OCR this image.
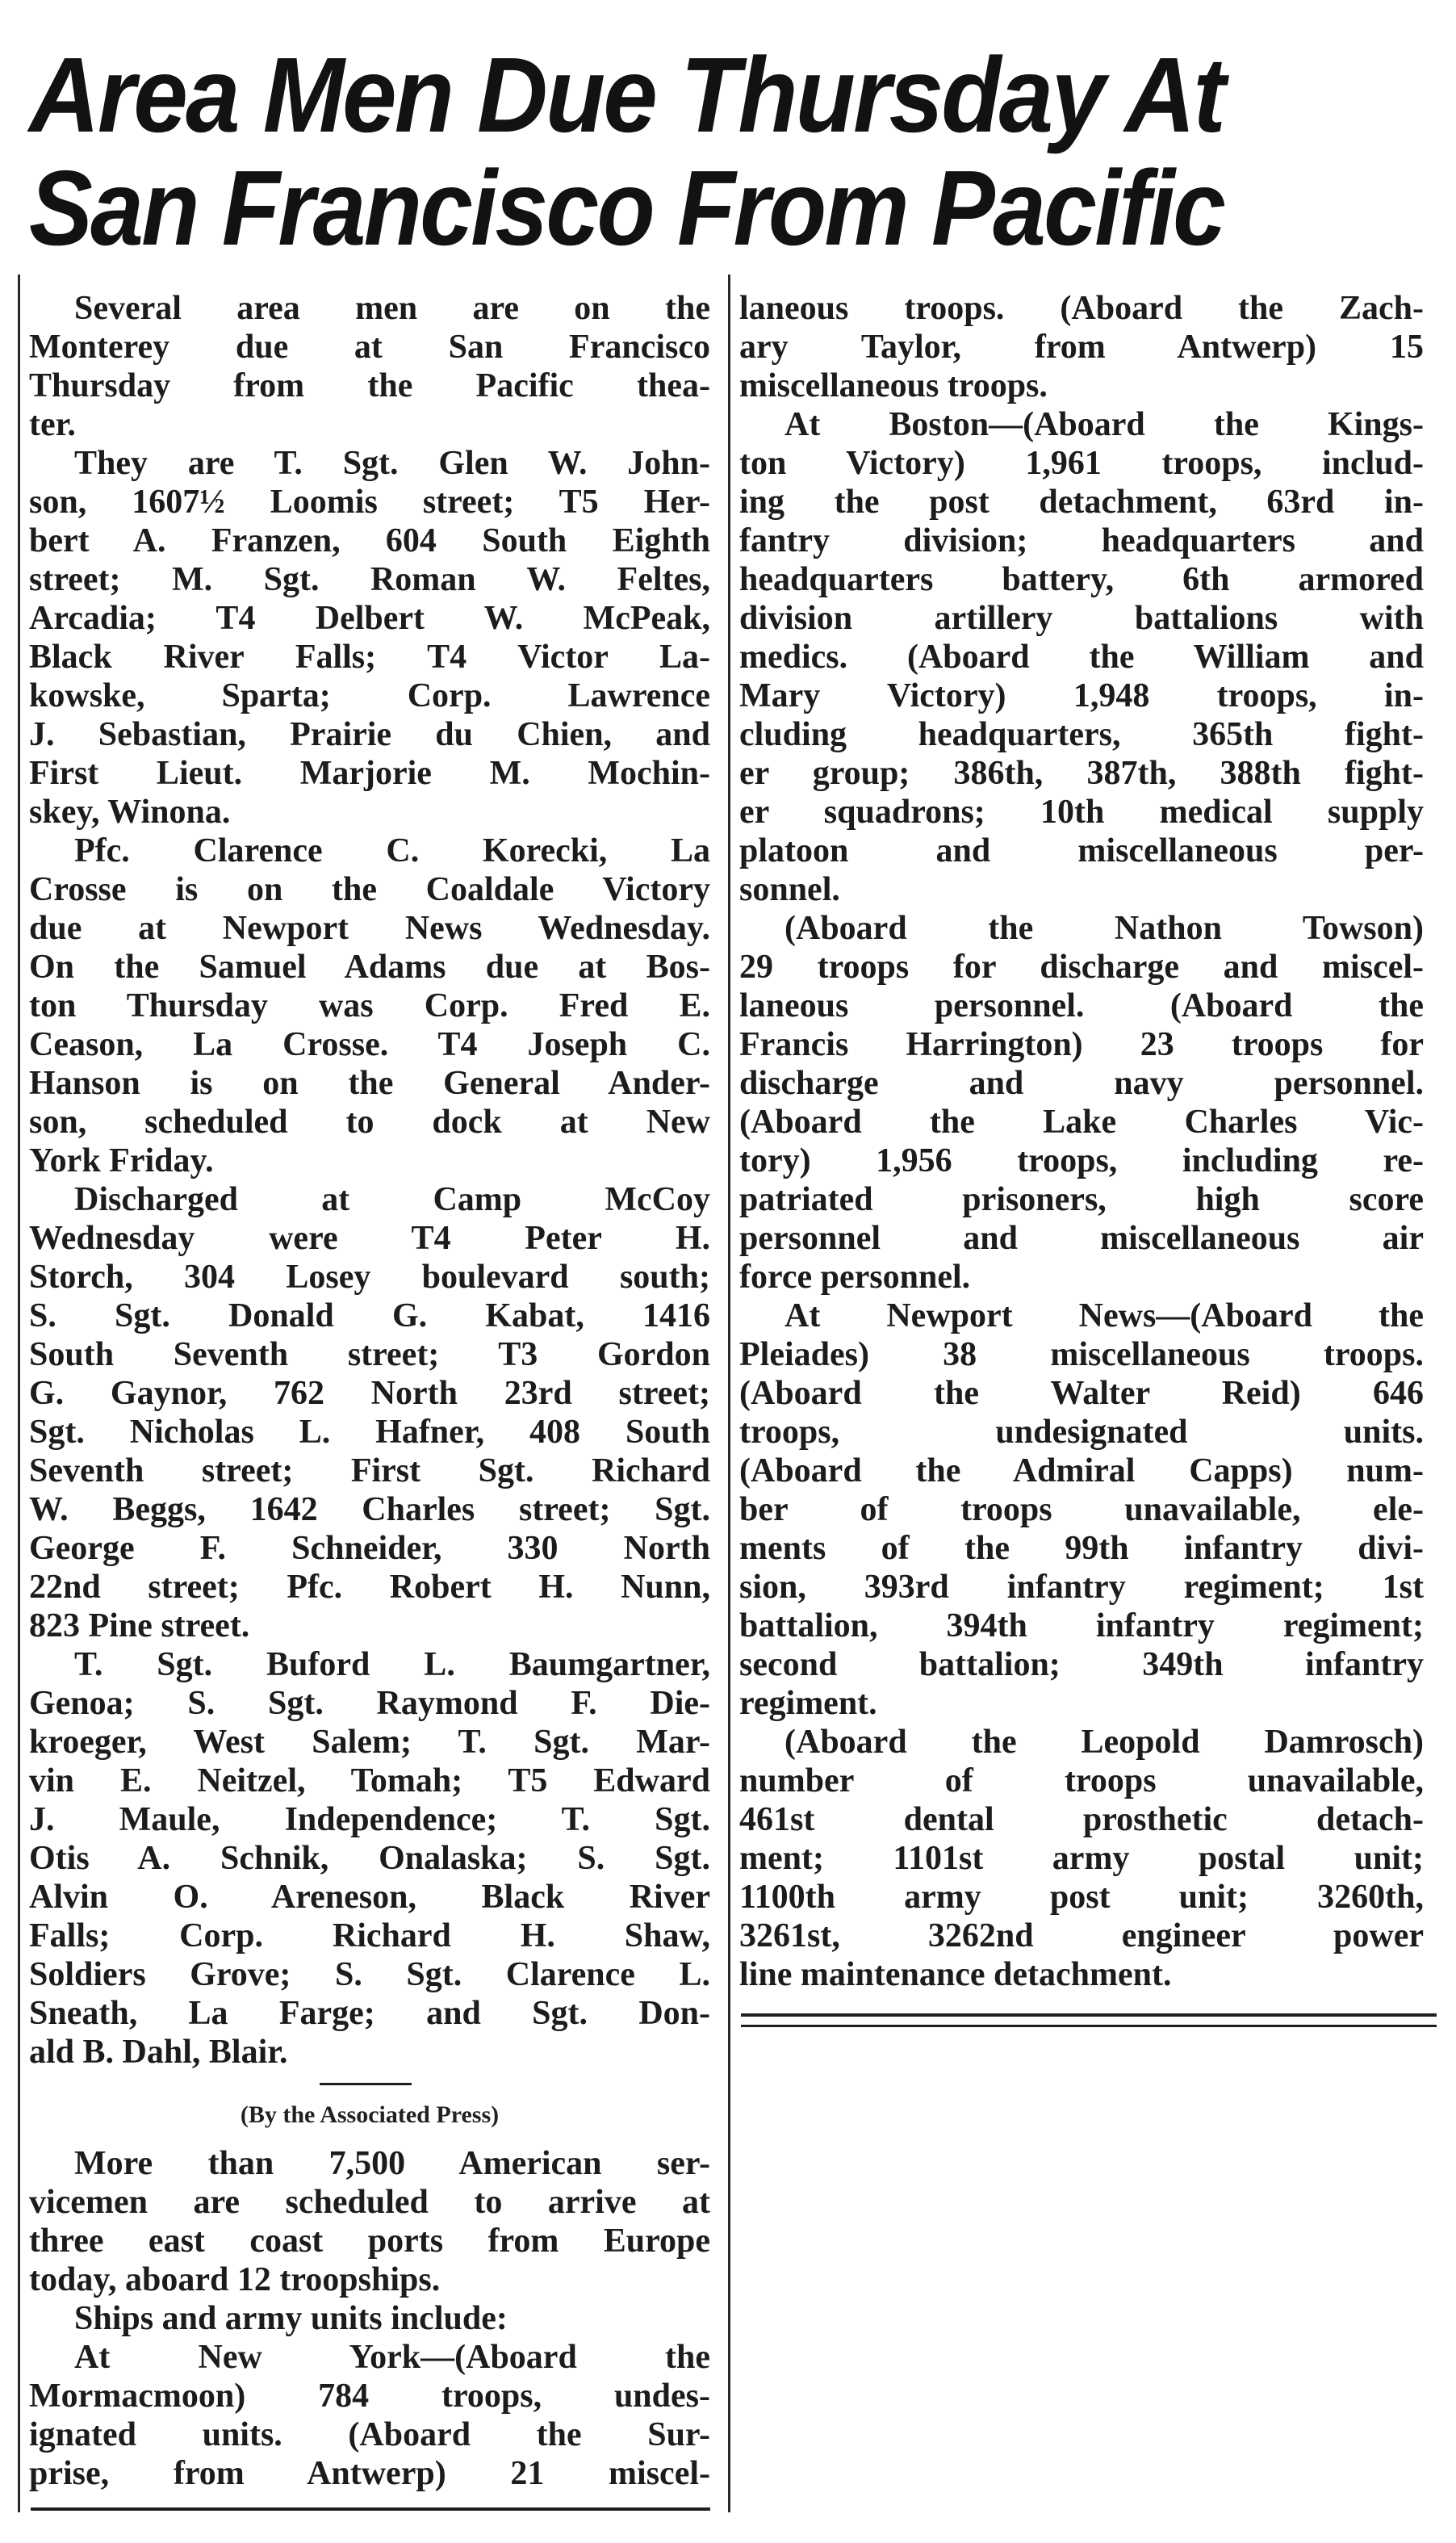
Area Men Due Thursday At
San Francisco From Pacific
Several area men are on the
Monterey due at San Francisco
Thursday from the Pacific thea-
ter.
They are T. Sgt. Glen W. John-
son, 1607½ Loomis street; T5 Her-
bert A. Franzen, 604 South Eighth
street; M. Sgt. Roman W. Feltes,
Arcadia; T4 Delbert W. McPeak,
Black River Falls; T4 Victor La-
kowske, Sparta; Corp. Lawrence
J. Sebastian, Prairie du Chien, and
First Lieut. Marjorie M. Mochin-
skey, Winona.
Pfc. Clarence C. Korecki, La
Crosse is on the Coaldale Victory
due at Newport News Wednesday.
On the Samuel Adams due at Bos-
ton Thursday was Corp. Fred E.
Ceason, La Crosse. T4 Joseph C.
Hanson is on the General Ander-
son, scheduled to dock at New
York Friday.
Discharged at Camp McCoy
Wednesday were T4 Peter H.
Storch, 304 Losey boulevard south;
S. Sgt. Donald G. Kabat, 1416
South Seventh street; T3 Gordon
G. Gaynor, 762 North 23rd street;
Sgt. Nicholas L. Hafner, 408 South
Seventh street; First Sgt. Richard
W. Beggs, 1642 Charles street; Sgt.
George F. Schneider, 330 North
22nd street; Pfc. Robert H. Nunn,
823 Pine street.
T. Sgt. Buford L. Baumgartner,
Genoa; S. Sgt. Raymond F. Die-
kroeger, West Salem; T. Sgt. Mar-
vin E. Neitzel, Tomah; T5 Edward
J. Maule, Independence; T. Sgt.
Otis A. Schnik, Onalaska; S. Sgt.
Alvin O. Areneson, Black River
Falls; Corp. Richard H. Shaw,
Soldiers Grove; S. Sgt. Clarence L.
Sneath, La Farge; and Sgt. Don-
ald B. Dahl, Blair.
(By the Associated Press)
More than 7,500 American ser-
vicemen are scheduled to arrive at
three east coast ports from Europe
today, aboard 12 troopships.
Ships and army units include:
At New York—(Aboard the
Mormacmoon) 784 troops, undes-
ignated units. (Aboard the Sur-
prise, from Antwerp) 21 miscel-
laneous troops. (Aboard the Zach-
ary Taylor, from Antwerp) 15
miscellaneous troops.
At Boston—(Aboard the Kings-
ton Victory) 1,961 troops, includ-
ing the post detachment, 63rd in-
fantry division; headquarters and
headquarters battery, 6th armored
division artillery battalions with
medics. (Aboard the William and
Mary Victory) 1,948 troops, in-
cluding headquarters, 365th fight-
er group; 386th, 387th, 388th fight-
er squadrons; 10th medical supply
platoon and miscellaneous per-
sonnel.
(Aboard the Nathon Towson)
29 troops for discharge and miscel-
laneous personnel. (Aboard the
Francis Harrington) 23 troops for
discharge and navy personnel.
(Aboard the Lake Charles Vic-
tory) 1,956 troops, including re-
patriated prisoners, high score
personnel and miscellaneous air
force personnel.
At Newport News—(Aboard the
Pleiades) 38 miscellaneous troops.
(Aboard the Walter Reid) 646
troops, undesignated units.
(Aboard the Admiral Capps) num-
ber of troops unavailable, ele-
ments of the 99th infantry divi-
sion, 393rd infantry regiment; 1st
battalion, 394th infantry regiment;
second battalion; 349th infantry
regiment.
(Aboard the Leopold Damrosch)
number of troops unavailable,
461st dental prosthetic detach-
ment; 1101st army postal unit;
1100th army post unit; 3260th,
3261st, 3262nd engineer power
line maintenance detachment.
